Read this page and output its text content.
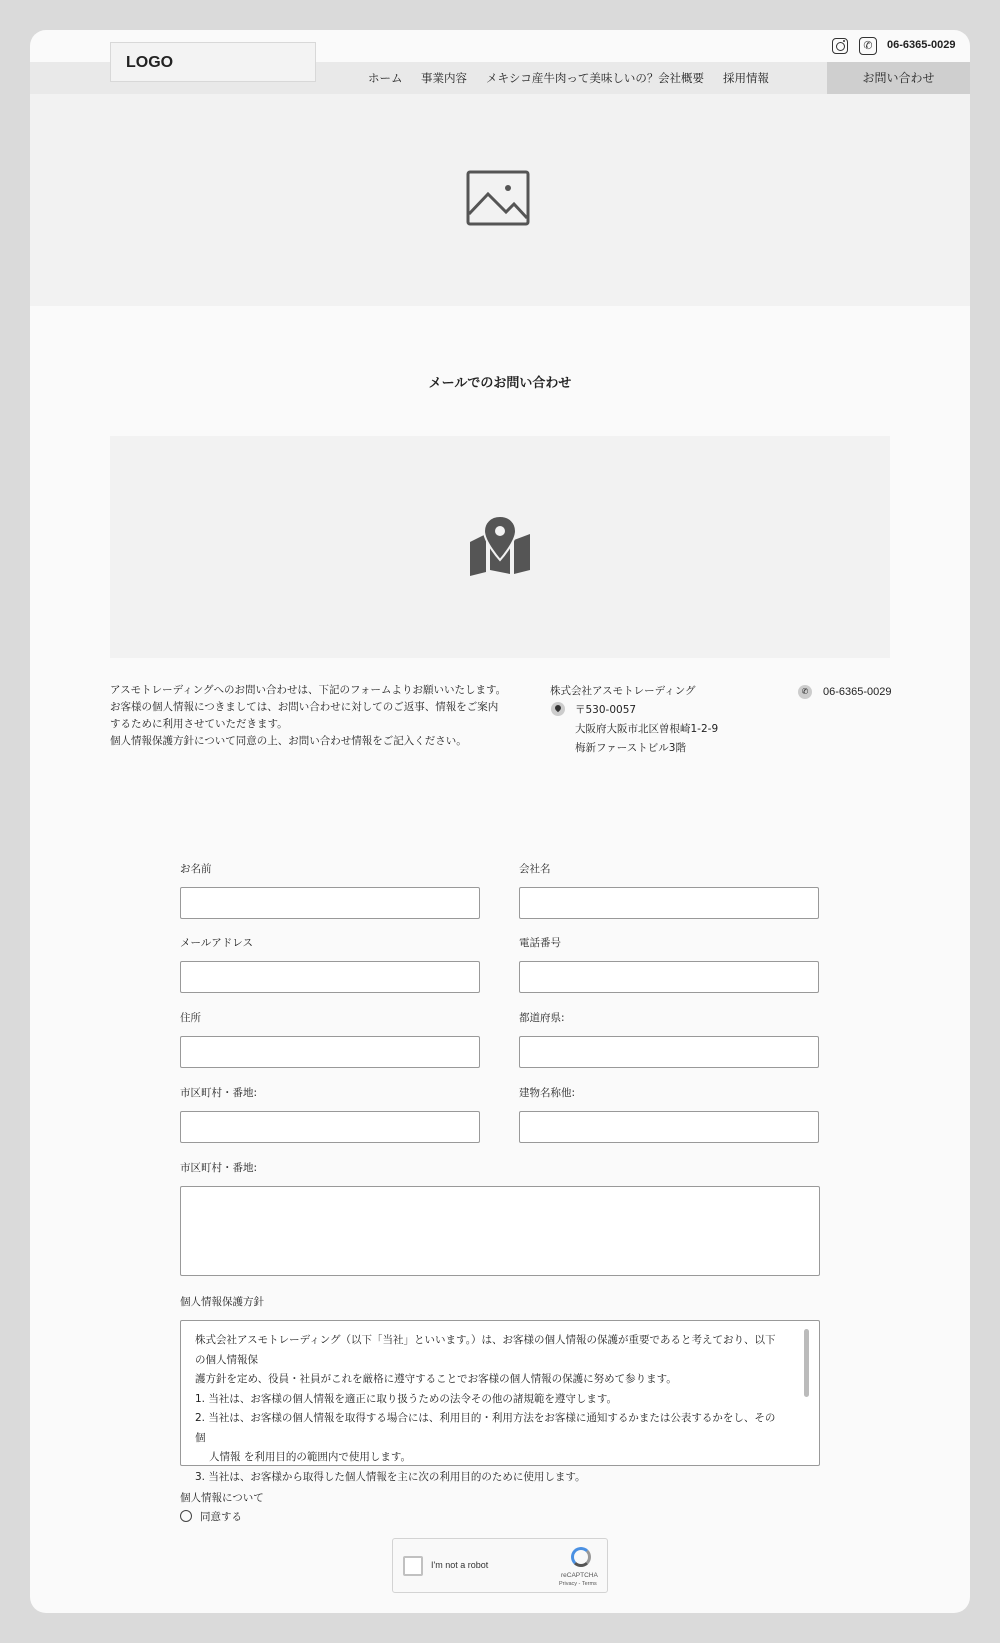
✆	06-6365-0029
LOGO
ホーム 事業内容 メキシコ産牛肉って美味しいの？ 会社概要 採用情報	お問い合わせ
メールでのお問い合わせ
アスモトレーディングへのお問い合わせは、下記のフォームよりお願いいたします。
お客様の個人情報につきましては、お問い合わせに対してのご返事、情報をご案内
するために利用させていただきます。
個人情報保護方針について同意の上、お問い合わせ情報をご記入ください。
株式会社アスモトレーディング
〒530-0057
大阪府大阪市北区曽根崎1-2-9
梅新ファーストビル3階
✆	06-6365-0029
お名前	会社名
メールアドレス	電話番号
住所	都道府県:
市区町村・番地:	建物名称他:
市区町村・番地:
個人情報保護方針
株式会社アスモトレーディング（以下「当社」といいます。）は、お客様の個人情報の保護が重要であると考えており、以下の個人情報保
護方針を定め、役員・社員がこれを厳格に遵守することでお客様の個人情報の保護に努めて参ります。
1. 当社は、お客様の個人情報を適正に取り扱うための法令その他の諸規範を遵守します。
2. 当社は、お客様の個人情報を取得する場合には、利用目的・利用方法をお客様に通知するかまたは公表するかをし、その個
人情報 を利用目的の範囲内で使用します。
3. 当社は、お客様から取得した個人情報を主に次の利用目的のために使用します。
個人情報について
同意する
I'm not a robot
reCAPTCHA
Privacy - Terms
